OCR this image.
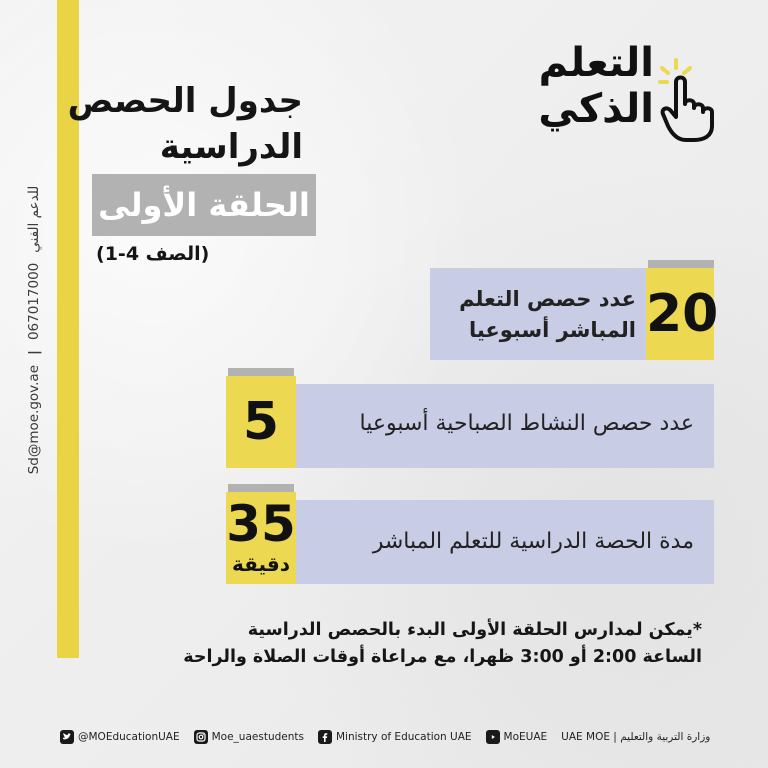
Sd@moe.gov.ae
|
067017000
للدعم الفني
التعلم
الذكي
جدول الحصص
الدراسية
الحلقة الأولى
(الصف 4-1)
عدد حصص التعلم
المباشر أسبوعيا 20
عدد حصص النشاط الصباحية أسبوعيا
5
مدة الحصة الدراسية للتعلم المباشر
35
دقيقة
*يمكن لمدارس الحلقة الأولى البدء بالحصص الدراسية
الساعة 2:00 أو 3:00 ظهرا، مع مراعاة أوقات الصلاة والراحة
@MOEducationUAE	Moe_uaestudents	Ministry of Education UAE	MoEUAE UAE MOE | وزارة التربية والتعليم
